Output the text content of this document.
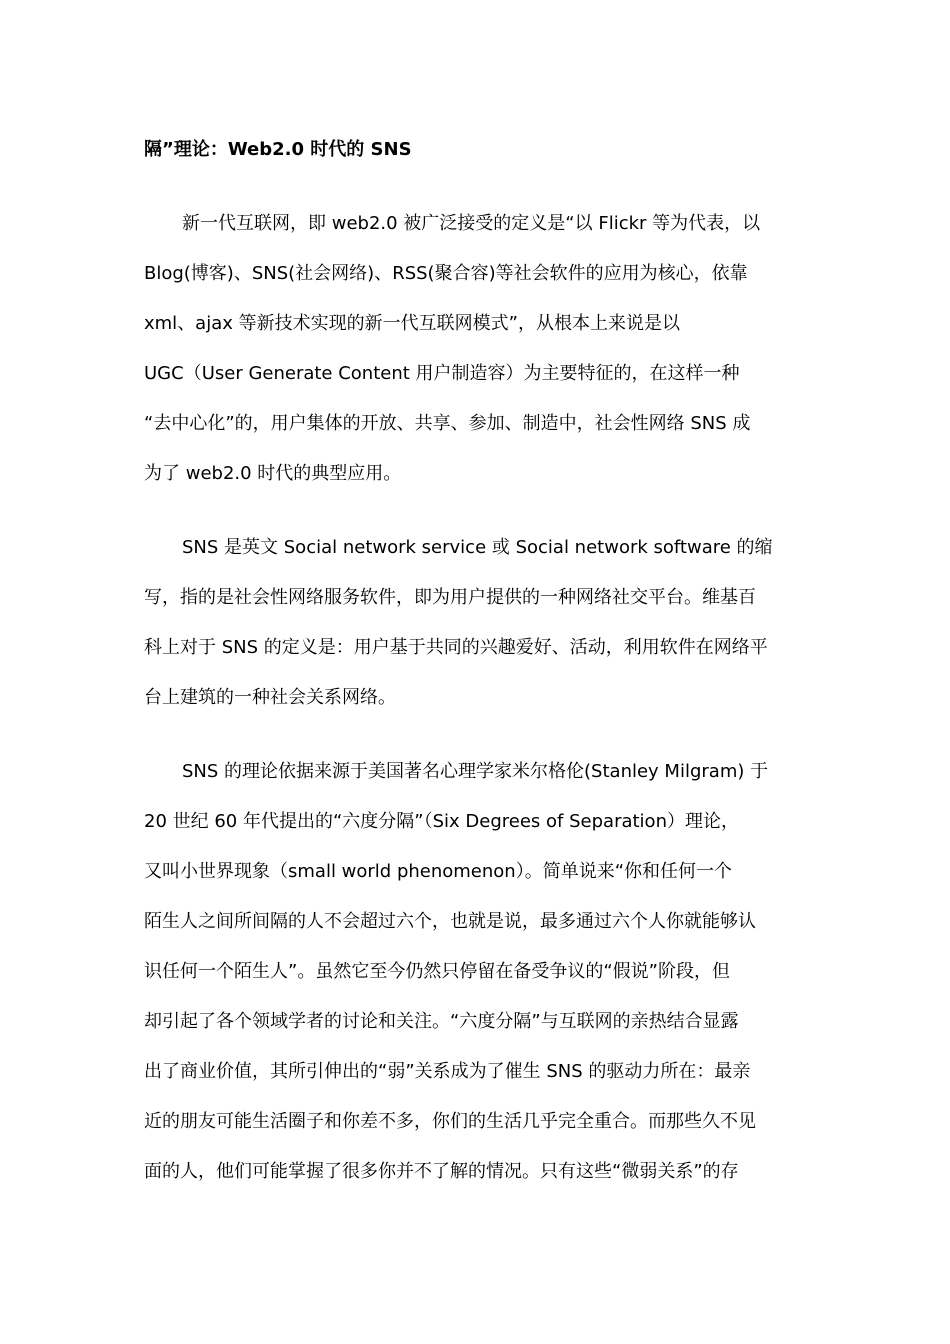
隔”理论：Web2.0 时代的 SNS
新一代互联网，即 web2.0 被广泛接受的定义是“以 Flickr 等为代表，以
Blog(博客)、SNS(社会网络)、RSS(聚合容)等社会软件的应用为核心，依靠
xml、ajax 等新技术实现的新一代互联网模式”，从根本上来说是以
UGC（User Generate Content 用户制造容）为主要特征的，在这样一种
“去中心化”的，用户集体的开放、共享、参加、制造中，社会性网络 SNS 成
为了 web2.0 时代的典型应用。
SNS 是英文 Social network service 或 Social network software 的缩
写，指的是社会性网络服务软件，即为用户提供的一种网络社交平台。维基百
科上对于 SNS 的定义是：用户基于共同的兴趣爱好、活动，利用软件在网络平
台上建筑的一种社会关系网络。
SNS 的理论依据来源于美国著名心理学家米尔格伦(Stanley Milgram) 于
20 世纪 60 年代提出的“六度分隔”（Six Degrees of Separation）理论，
又叫小世界现象（small world phenomenon）。简单说来“你和任何一个
陌生人之间所间隔的人不会超过六个，也就是说，最多通过六个人你就能够认
识任何一个陌生人”。虽然它至今仍然只停留在备受争议的“假说”阶段，但
却引起了各个领域学者的讨论和关注。“六度分隔”与互联网的亲热结合显露
出了商业价值，其所引伸出的“弱”关系成为了催生 SNS 的驱动力所在：最亲
近的朋友可能生活圈子和你差不多，你们的生活几乎完全重合。而那些久不见
面的人，他们可能掌握了很多你并不了解的情况。只有这些“微弱关系”的存
